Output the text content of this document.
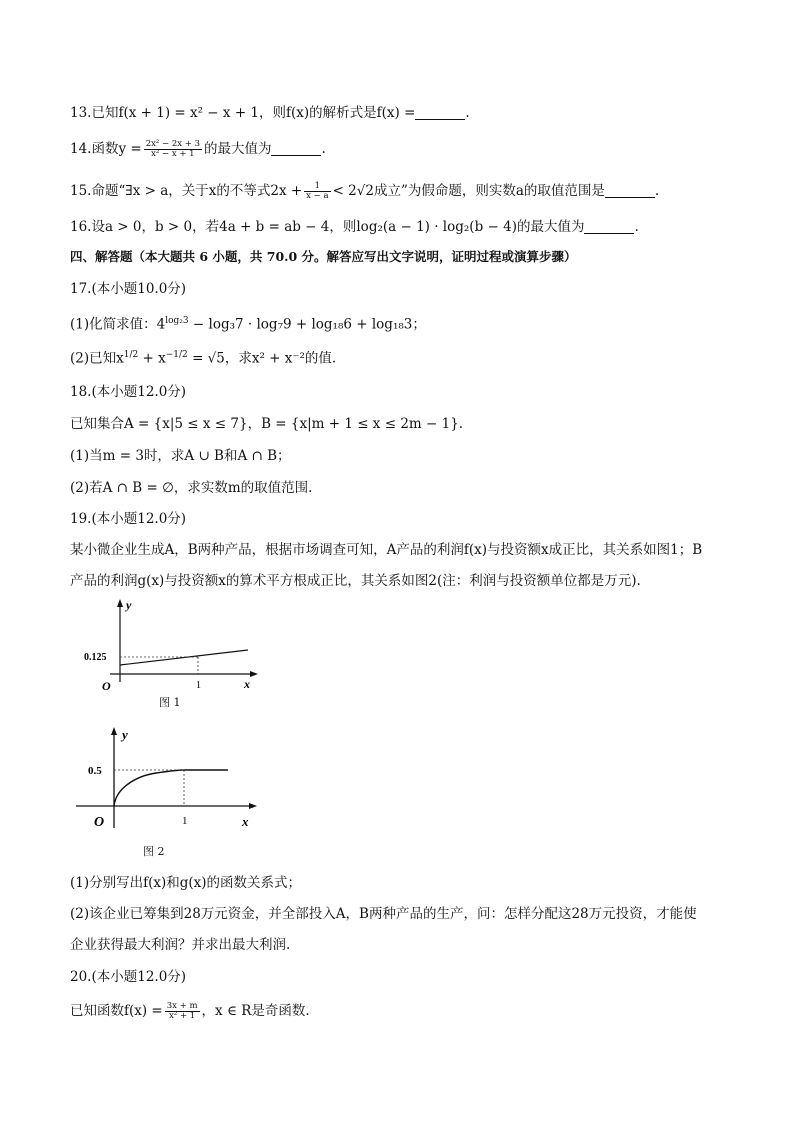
13.已知f(x + 1) = x² − x + 1，则f(x)的解析式是f(x) =	.
14.函数$y = \frac{\text{2x² − 2x + 3}}{\text{x² − x + 1}}$ 的最大值为	.
15.命题“∃x > a，关于x的不等式$2x + \frac{1}{x - a} < 2√2$成立”为假命题，则实数a的取值范围是	.
16.设a > 0，b > 0，若4a + b = ab − 4，则log₂(a − 1) · log₂(b − 4)的最大值为	.
四、解答题（本大题共 6 小题，共 70.0 分。解答应写出文字说明，证明过程或演算步骤）
17.(本小题10.0分)
(1)化简求值：$4^{log_23} - \log_37 \cdot \log_79 + \log_{18}6 + \log_{18}3$；
(2)已知$x^{1/2} + x^{-1/2} = √5$，求x² + x⁻²的值.
18.(本小题12.0分)
已知集合A = {x|5 ≤ x ≤ 7}，B = {x|m + 1 ≤ x ≤ 2m − 1}.
(1)当m = 3时，求A ∪ B和A ∩ B；
(2)若A ∩ B = ∅，求实数m的取值范围.
19.(本小题12.0分)
某小微企业生成A，B两种产品，根据市场调查可知，A产品的利润f(x)与投资额x成正比，其关系如图1；B
产品的利润g(x)与投资额x的算术平方根成正比，其关系如图2(注：利润与投资额单位都是万元).
y
0.125
O	1	x
图 1
y
0.5
O	1	x
图 2
(1)分别写出f(x)和g(x)的函数关系式；
(2)该企业已筹集到28万元资金，并全部投入A，B两种产品的生产，问：怎样分配这28万元投资，才能使
企业获得最大利润？并求出最大利润.
20.(本小题12.0分)
已知函数$f(x) = \frac{3x + m}{\text{x² + 1}}$ ，x ∈ R是奇函数.
